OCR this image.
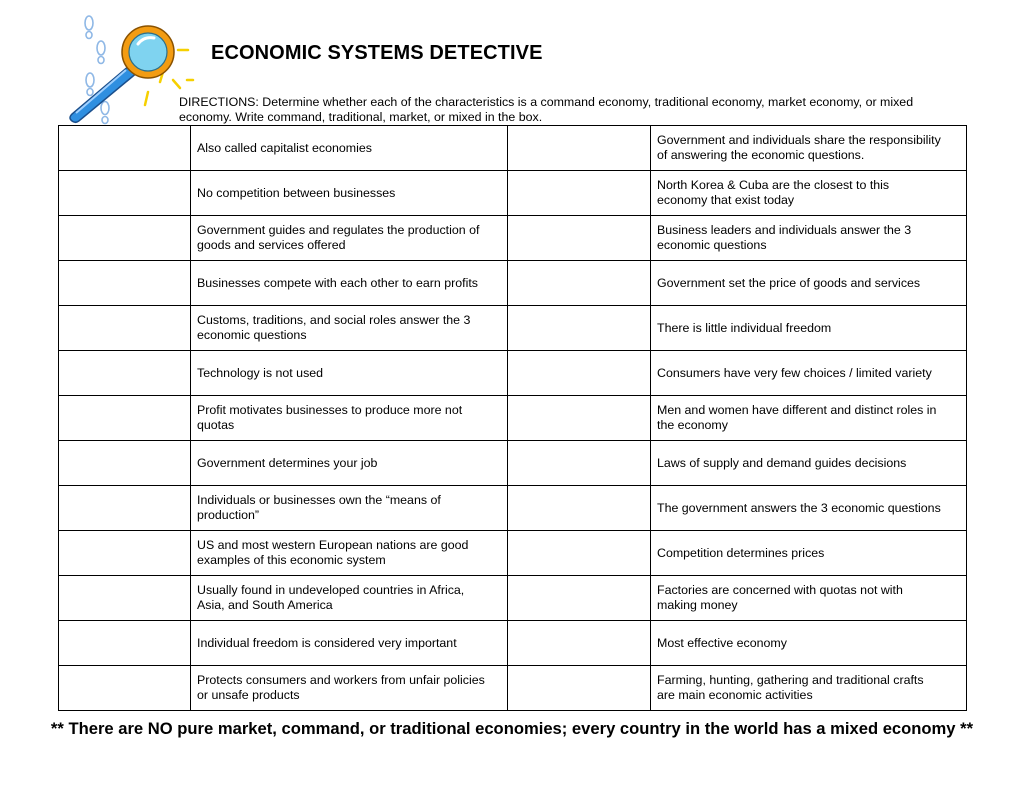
ECONOMIC SYSTEMS DETECTIVE
DIRECTIONS: Determine whether each of the characteristics is a command economy, traditional economy, market economy, or mixed
economy. Write command, traditional, market, or mixed in the box.
	Also called capitalist economies		Government and individuals share the responsibility
of answering the economic questions.
	No competition between businesses		North Korea & Cuba are the closest to this
economy that exist today
	Government guides and regulates the production of
goods and services offered		Business leaders and individuals answer the 3
economic questions
	Businesses compete with each other to earn profits		Government set the price of goods and services
	Customs, traditions, and social roles answer the 3
economic questions		There is little individual freedom
	Technology is not used		Consumers have very few choices / limited variety
	Profit motivates businesses to produce more not
quotas		Men and women have different and distinct roles in
the economy
	Government determines your job		Laws of supply and demand guides decisions
	Individuals or businesses own the “means of
production”		The government answers the 3 economic questions
	US and most western European nations are good
examples of this economic system		Competition determines prices
	Usually found in undeveloped countries in Africa,
Asia, and South America		Factories are concerned with quotas not with
making money
	Individual freedom is considered very important		Most effective economy
	Protects consumers and workers from unfair policies
or unsafe products		Farming, hunting, gathering and traditional crafts
are main economic activities
** There are NO pure market, command, or traditional economies; every country in the world has a mixed economy **
